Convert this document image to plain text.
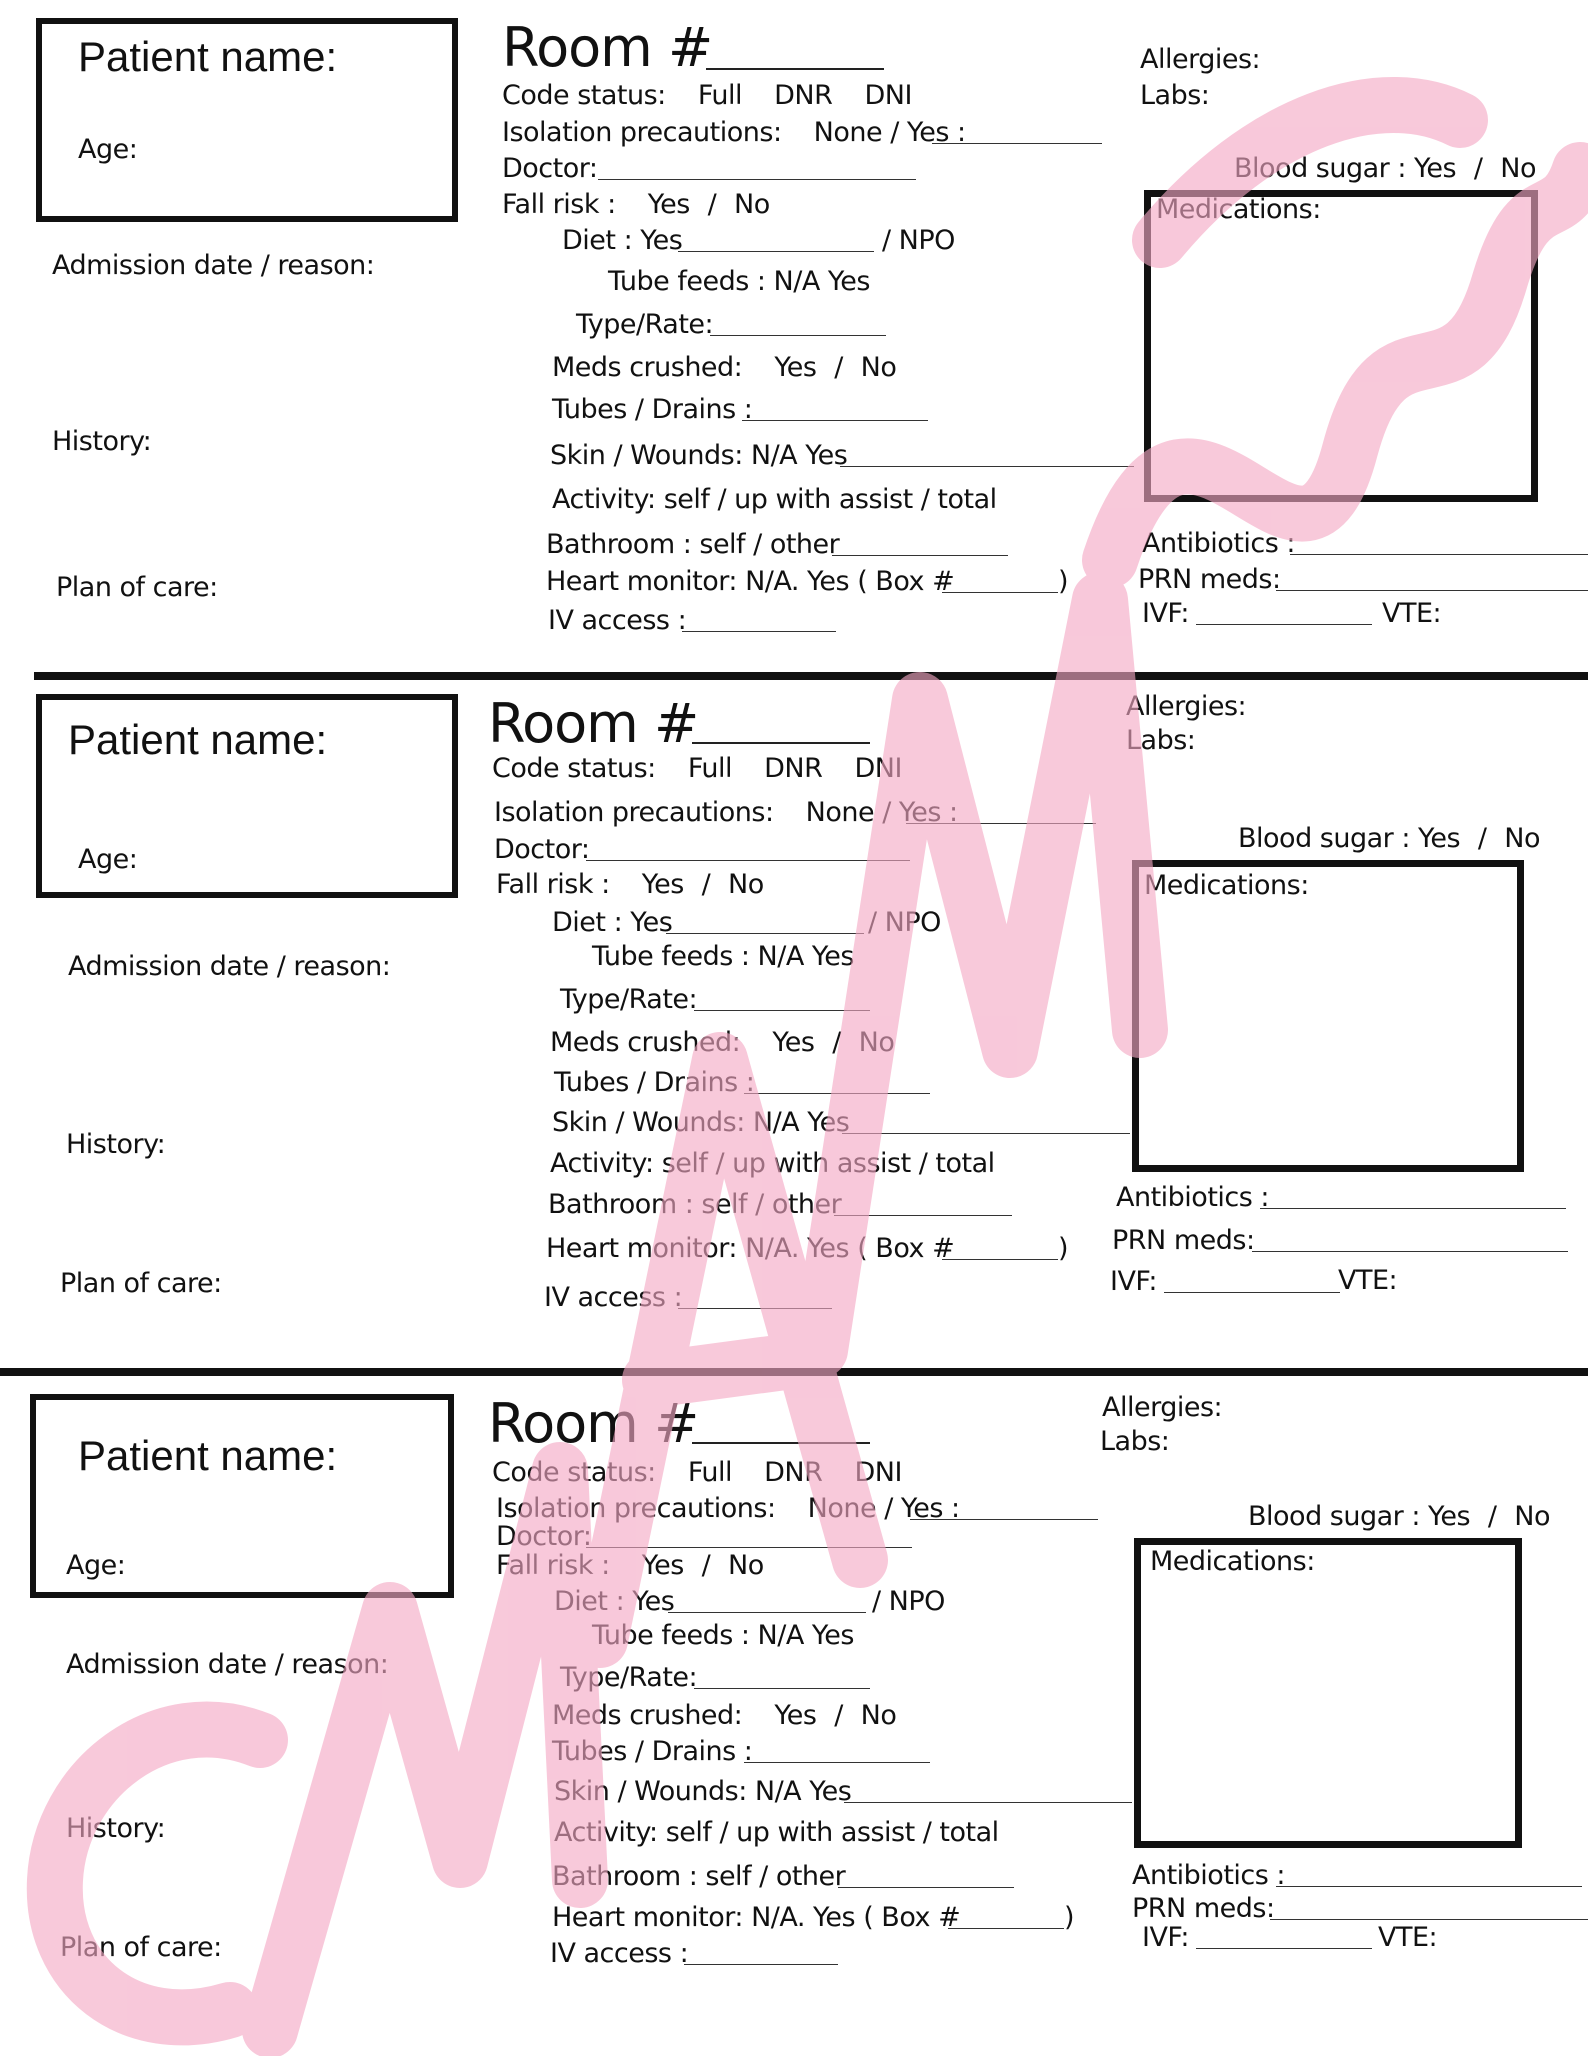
Patient name:
Age:
Admission date / reason:
History:
Plan of care:
Room #
Code status: Full DNR DNI
Isolation precautions: None / Yes :
Doctor:
Fall risk : Yes / No
Diet : Yes	/ NPO
Tube feeds : N/A Yes
Type/Rate:
Meds crushed: Yes / No
Tubes / Drains :
Skin / Wounds: N/A Yes
Activity: self / up with assist / total
Bathroom : self / other
Heart monitor: N/A. Yes ( Box #	)
IV access :
Allergies:
Labs:
Blood sugar : Yes / No
Medications:
Antibiotics :
PRN meds:
IVF:	VTE:
Patient name:
Age:
Admission date / reason:
History:
Plan of care:
Room #
Code status: Full DNR DNI
Isolation precautions: None / Yes :
Doctor:
Fall risk : Yes / No
Diet : Yes	/ NPO
Tube feeds : N/A Yes
Type/Rate:
Meds crushed: Yes / No
Tubes / Drains :
Skin / Wounds: N/A Yes
Activity: self / up with assist / total
Bathroom : self / other
Heart monitor: N/A. Yes ( Box #	)
IV access :
Allergies:
Labs:
Blood sugar : Yes / No
Medications:
Antibiotics :
PRN meds:
IVF:	VTE:
Patient name:
Age:
Admission date / reason:
History:
Plan of care:
Room #
Code status: Full DNR DNI
Isolation precautions: None / Yes :
Doctor:
Fall risk : Yes / No
Diet : Yes	/ NPO
Tube feeds : N/A Yes
Type/Rate:
Meds crushed: Yes / No
Tubes / Drains :
Skin / Wounds: N/A Yes
Activity: self / up with assist / total
Bathroom : self / other
Heart monitor: N/A. Yes ( Box #	)
IV access :
Allergies:
Labs:
Blood sugar : Yes / No
Medications:
Antibiotics :
PRN meds:
IVF:	VTE:
